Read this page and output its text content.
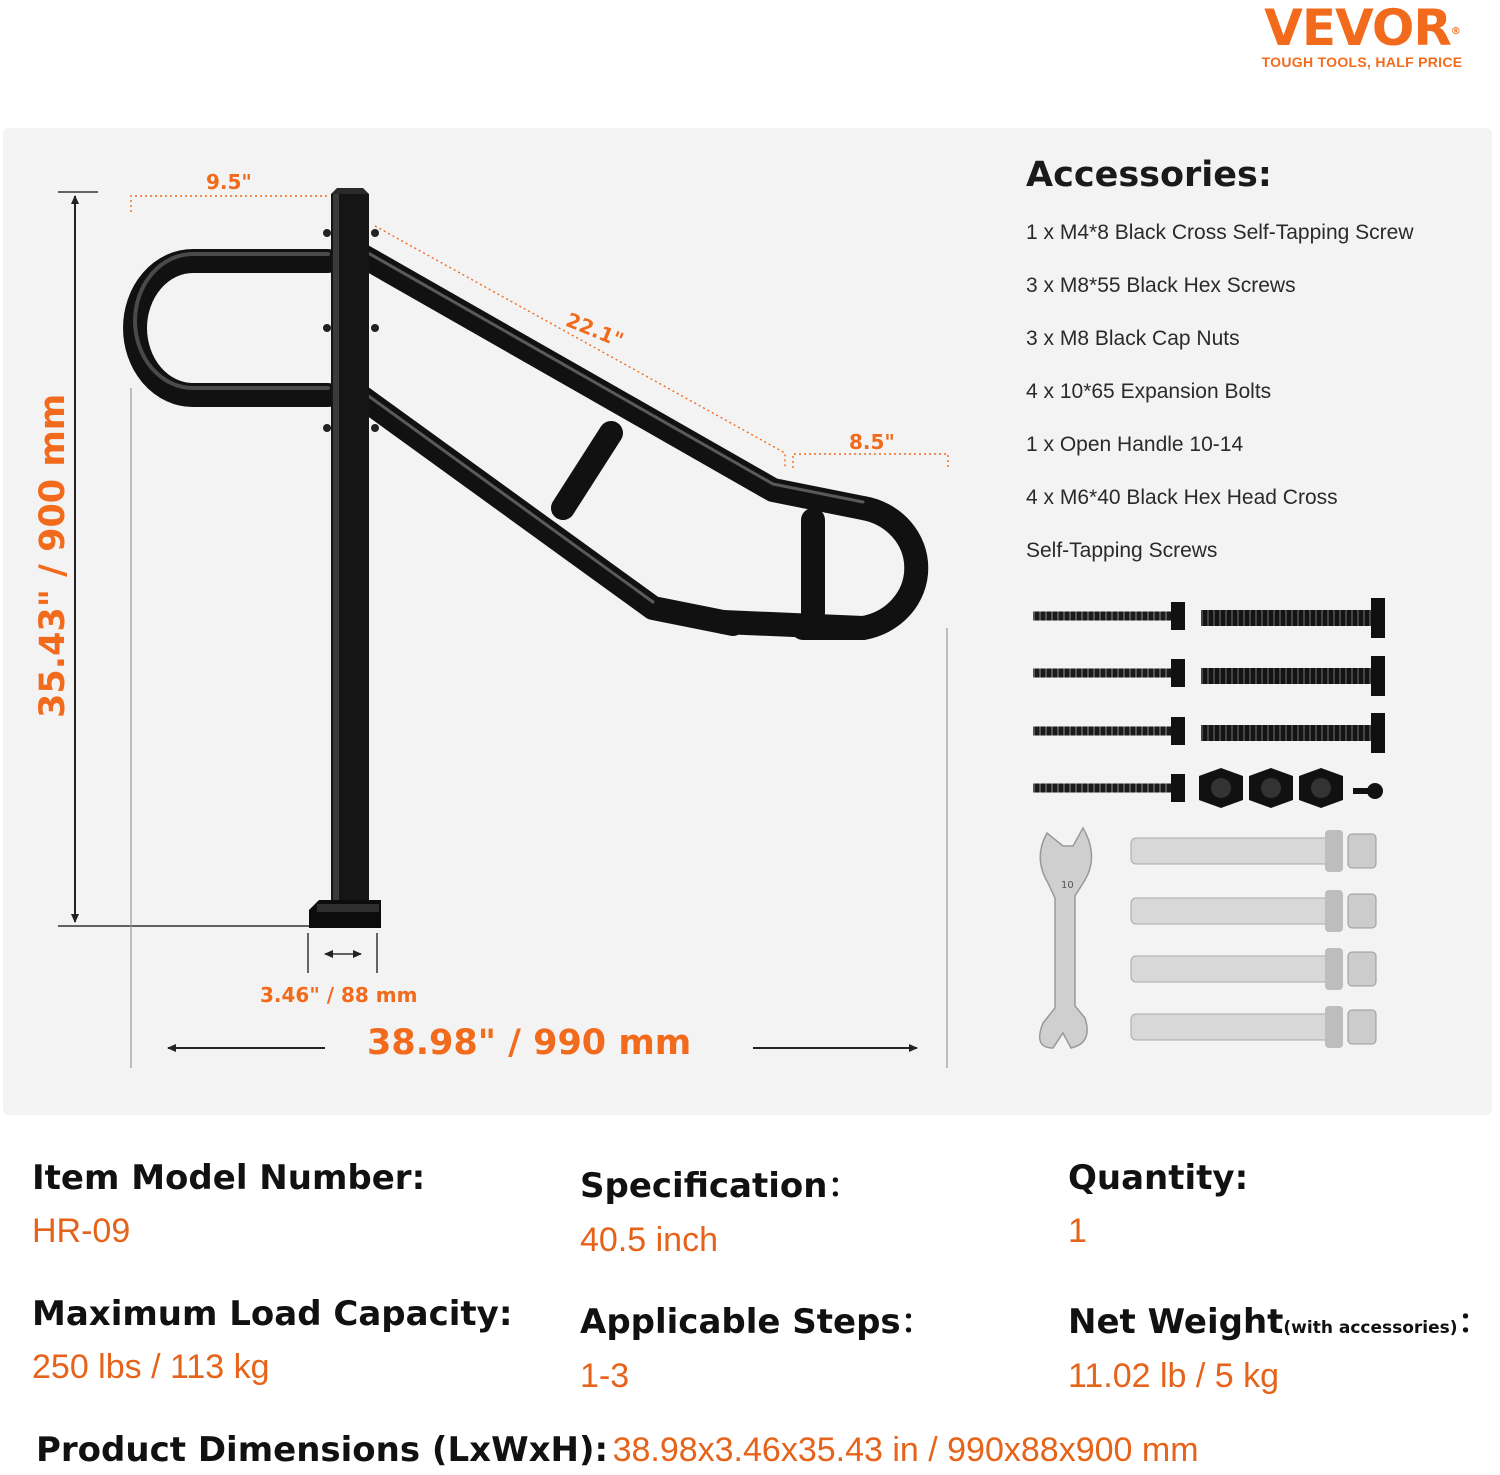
VEVOR®
TOUGH TOOLS, HALF PRICE
10
9.5"
22.1"
8.5"
35.43" / 900 mm
3.46" / 88 mm
38.98" / 990 mm
Accessories:
1 x M4*8 Black Cross Self-Tapping Screw
3 x M8*55 Black Hex Screws
3 x M8 Black Cap Nuts
4 x 10*65 Expansion Bolts
1 x Open Handle 10-14
4 x M6*40 Black Hex Head Cross
Self-Tapping Screws
Item Model Number:
HR-09
Specification：
40.5 inch
Quantity:
1
Maximum Load Capacity:
250 lbs / 113 kg
Applicable Steps：
1-3
Net Weight(with accessories)：
11.02 lb / 5 kg
Product Dimensions (LxWxH): 38.98x3.46x35.43 in / 990x88x900 mm
